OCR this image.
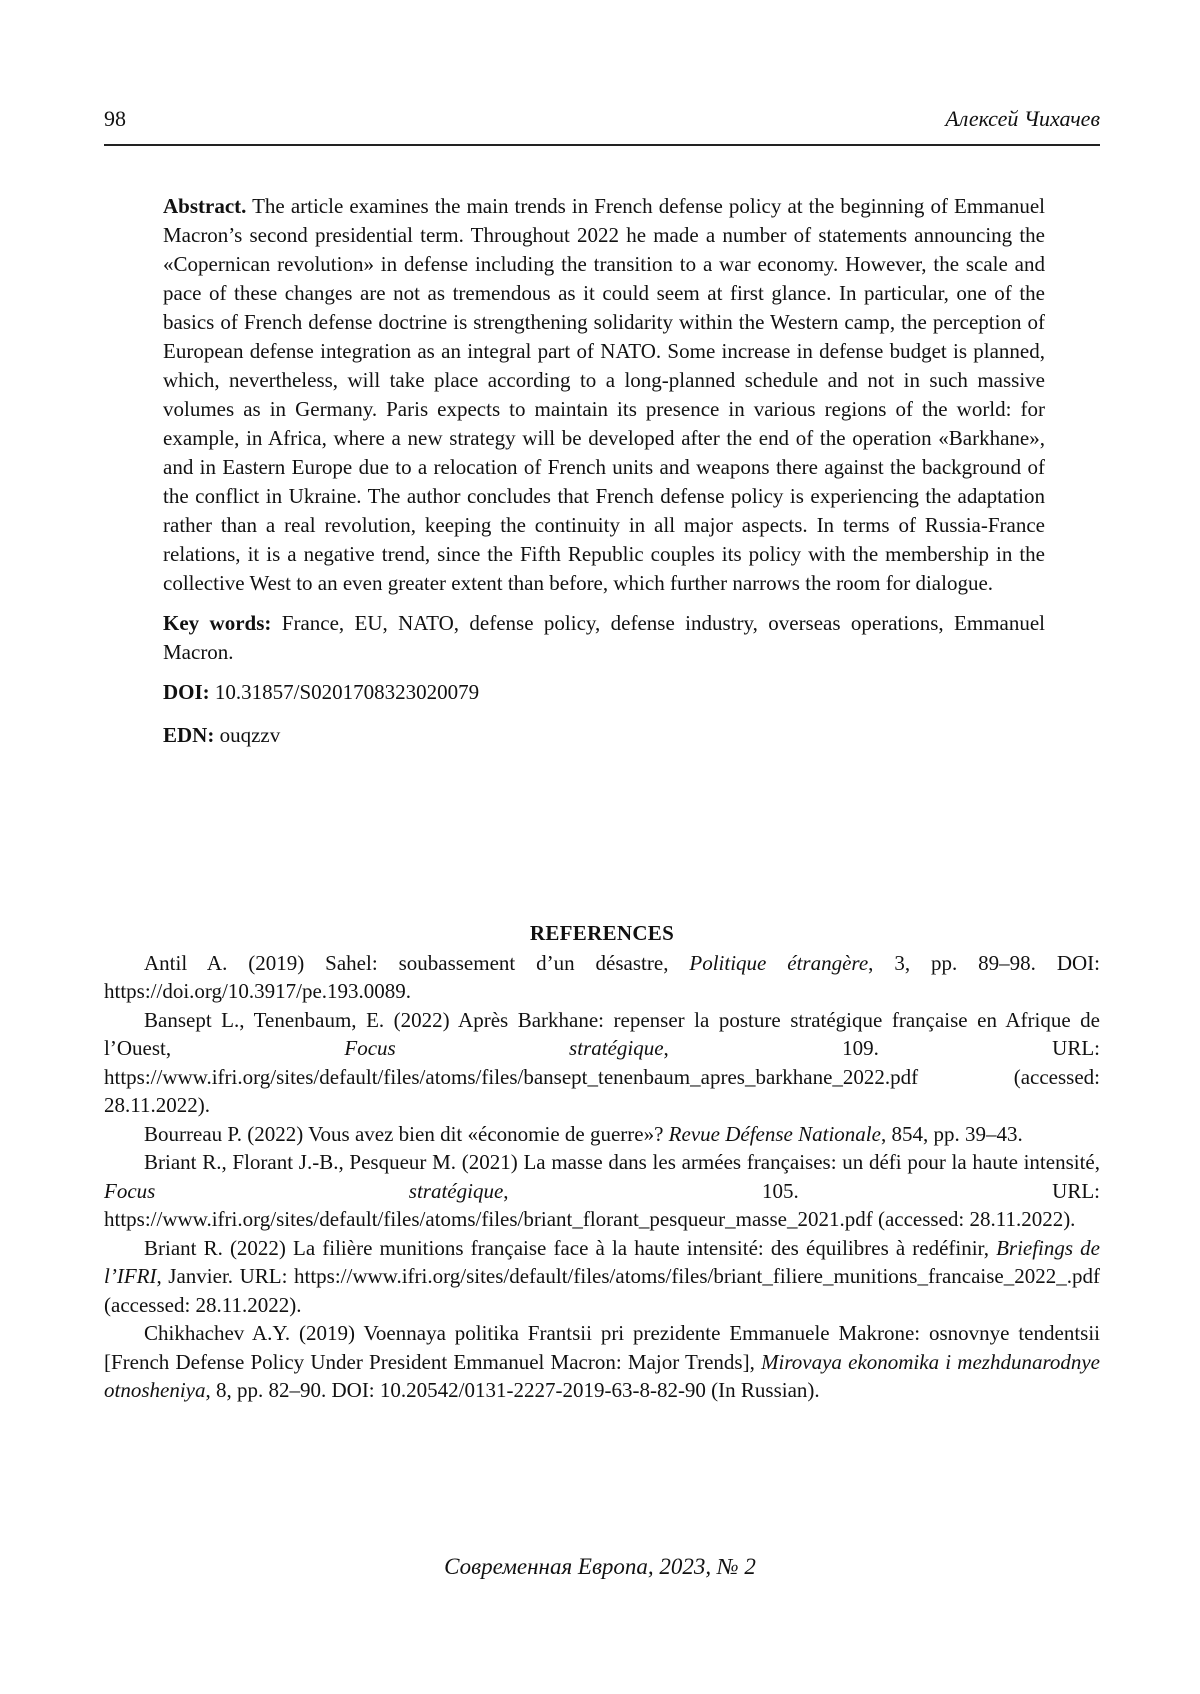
98	Алексей Чихачев

Abstract. The article examines the main trends in French defense policy at the beginning of Emmanuel Macron’s second presidential term. Throughout 2022 he made a number of statements announcing the «Copernican revolution» in defense including the transition to a war economy. However, the scale and pace of these changes are not as tremendous as it could seem at first glance. In particular, one of the basics of French defense doctrine is strengthening solidarity within the Western camp, the perception of European defense integration as an integral part of NATO. Some increase in defense budget is planned, which, nevertheless, will take place according to a long-planned schedule and not in such massive volumes as in Germany. Paris expects to maintain its presence in various regions of the world: for example, in Africa, where a new strategy will be developed after the end of the operation «Barkhane», and in Eastern Europe due to a relocation of French units and weapons there against the background of the conflict in Ukraine. The author concludes that French defense policy is experiencing the adaptation rather than a real revolution, keeping the continuity in all major aspects. In terms of Russia-France relations, it is a negative trend, since the Fifth Republic couples its policy with the membership in the collective West to an even greater extent than before, which further narrows the room for dialogue.

Key words: France, EU, NATO, defense policy, defense industry, overseas operations, Emmanuel Macron.

DOI: 10.31857/S0201708323020079

EDN: ouqzzv

REFERENCES

Antil A. (2019) Sahel: soubassement d’un désastre, Politique étrangère, 3, pp. 89–98. DOI: https://doi.org/10.3917/pe.193.0089.

Bansept L., Tenenbaum, E. (2022) Après Barkhane: repenser la posture stratégique française en Afrique de l’Ouest, Focus stratégique, 109. URL: https://www.ifri.org/sites/default/files/atoms/files/bansept_tenenbaum_apres_barkhane_2022.pdf (accessed: 28.11.2022).

Bourreau P. (2022) Vous avez bien dit «économie de guerre»? Revue Défense Nationale, 854, pp. 39–43.

Briant R., Florant J.-B., Pesqueur M. (2021) La masse dans les armées françaises: un défi pour la haute intensité, Focus stratégique, 105. URL: https://www.ifri.org/sites/default/files/atoms/files/briant_florant_pesqueur_masse_2021.pdf (accessed: 28.11.2022).

Briant R. (2022) La filière munitions française face à la haute intensité: des équilibres à redéfinir, Briefings de l’IFRI, Janvier. URL: https://www.ifri.org/sites/default/files/atoms/files/briant_filiere_munitions_francaise_2022_.pdf (accessed: 28.11.2022).

Chikhachev A.Y. (2019) Voennaya politika Frantsii pri prezidente Emmanuele Makrone: osnovnye tendentsii [French Defense Policy Under President Emmanuel Macron: Major Trends], Mirovaya ekonomika i mezhdunarodnye otnosheniya, 8, pp. 82–90. DOI: 10.20542/0131-2227-2019-63-8-82-90 (In Russian).

Современная Европа, 2023, № 2
